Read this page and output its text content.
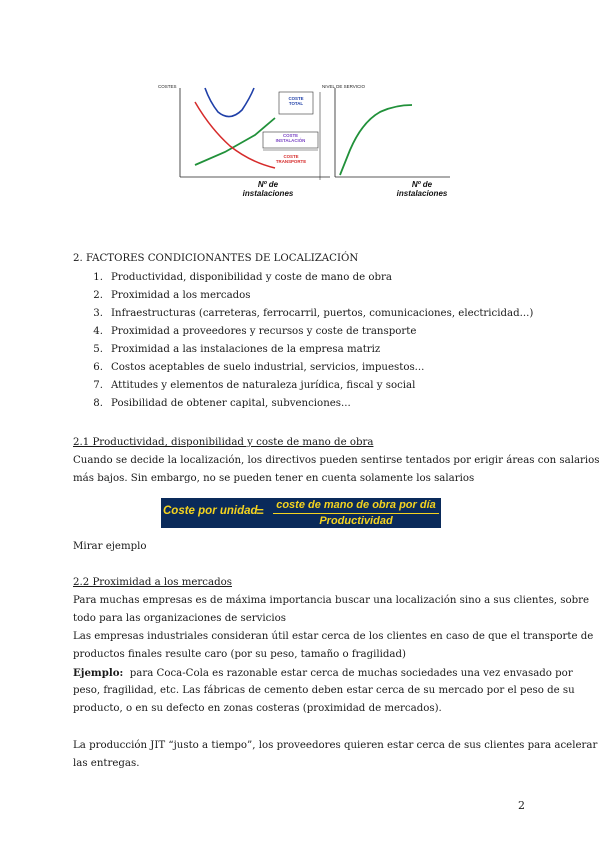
COSTES	NIVEL DE SERVICIO
COSTE
TOTAL
COSTE
INSTALACIÓN
COSTE
TRANSPORTE
Nº de
instalaciones
Nº de
instalaciones
2. FACTORES CONDICIONANTES DE LOCALIZACIÓN
1. Productividad, disponibilidad y coste de mano de obra
2. Proximidad a los mercados
3. Infraestructuras (carreteras, ferrocarril, puertos, comunicaciones, electricidad...)
4. Proximidad a proveedores y recursos y coste de transporte
5. Proximidad a las instalaciones de la empresa matriz
6. Costos aceptables de suelo industrial, servicios, impuestos...
7. Attitudes y elementos de naturaleza jurídica, fiscal y social
8. Posibilidad de obtener capital, subvenciones...
2.1 Productividad, disponibilidad y coste de mano de obra
Cuando se decide la localización, los directivos pueden sentirse tentados por erigir áreas con salarios
más bajos. Sin embargo, no se pueden tener en cuenta solamente los salarios
Coste por unidad
=	coste de mano de obra por día
Productividad
Mirar ejemplo
2.2 Proximidad a los mercados
Para muchas empresas es de máxima importancia buscar una localización sino a sus clientes, sobre
todo para las organizaciones de servicios
Las empresas industriales consideran útil estar cerca de los clientes en caso de que el transporte de
productos finales resulte caro (por su peso, tamaño o fragilidad)
Ejemplo:  para Coca-Cola es razonable estar cerca de muchas sociedades una vez envasado por
peso, fragilidad, etc. Las fábricas de cemento deben estar cerca de su mercado por el peso de su
producto, o en su defecto en zonas costeras (proximidad de mercados).
La producción JIT “justo a tiempo”, los proveedores quieren estar cerca de sus clientes para acelerar
las entregas.
2
